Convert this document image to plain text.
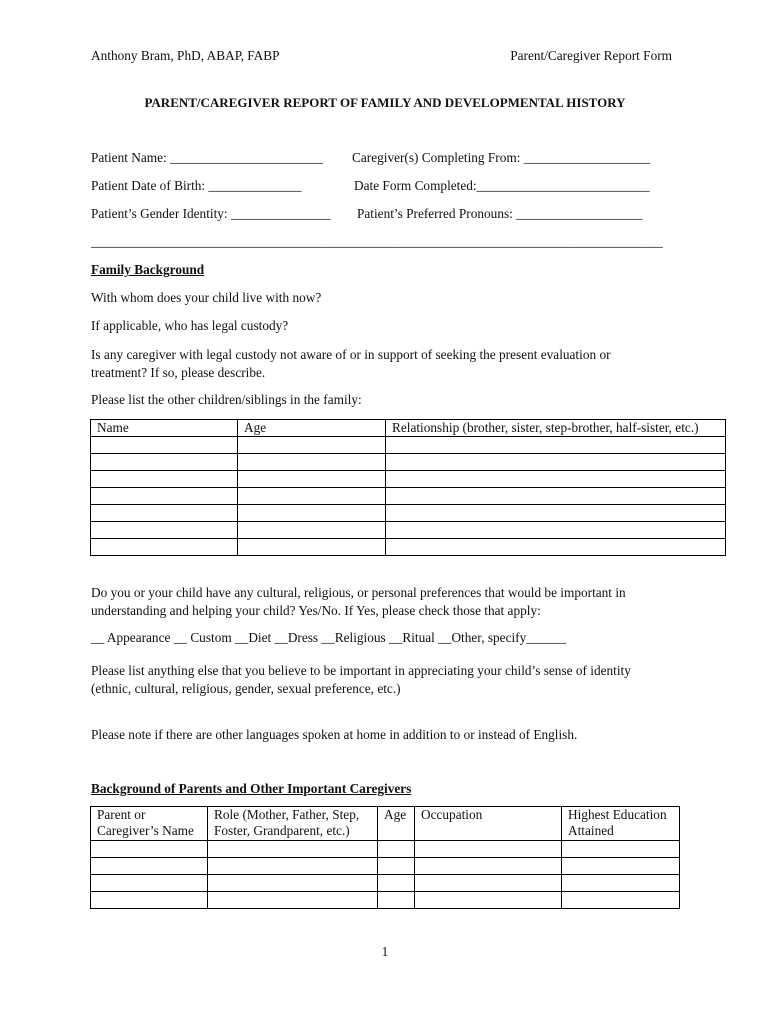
Anthony Bram, PhD, ABAP, FABP	Parent/Caregiver Report Form
PARENT/CAREGIVER REPORT OF FAMILY AND DEVELOPMENTAL HISTORY
Patient Name: _______________________ Caregiver(s) Completing From: ___________________
Patient Date of Birth: ______________	Date Form Completed:__________________________
Patient’s Gender Identity: _______________ Patient’s Preferred Pronouns: ___________________
______________________________________________________________________________________
Family Background
With whom does your child live with now?
If applicable, who has legal custody?
Is any caregiver with legal custody not aware of or in support of seeking the present evaluation or treatment? If so, please describe.
Please list the other children/siblings in the family:
Name	Age	Relationship (brother, sister, step-brother, half-sister, etc.)

Do you or your child have any cultural, religious, or personal preferences that would be important in understanding and helping your child? Yes/No. If Yes, please check those that apply:
__ Appearance __ Custom __Diet __Dress __Religious __Ritual __Other, specify______
Please list anything else that you believe to be important in appreciating your child’s sense of identity (ethnic, cultural, religious, gender, sexual preference, etc.)
Please note if there are other languages spoken at home in addition to or instead of English.
Background of Parents and Other Important Caregivers
Parent or Caregiver’s Name	Role (Mother, Father, Step, Foster, Grandparent, etc.)	Age	Occupation	Highest Education Attained

1
